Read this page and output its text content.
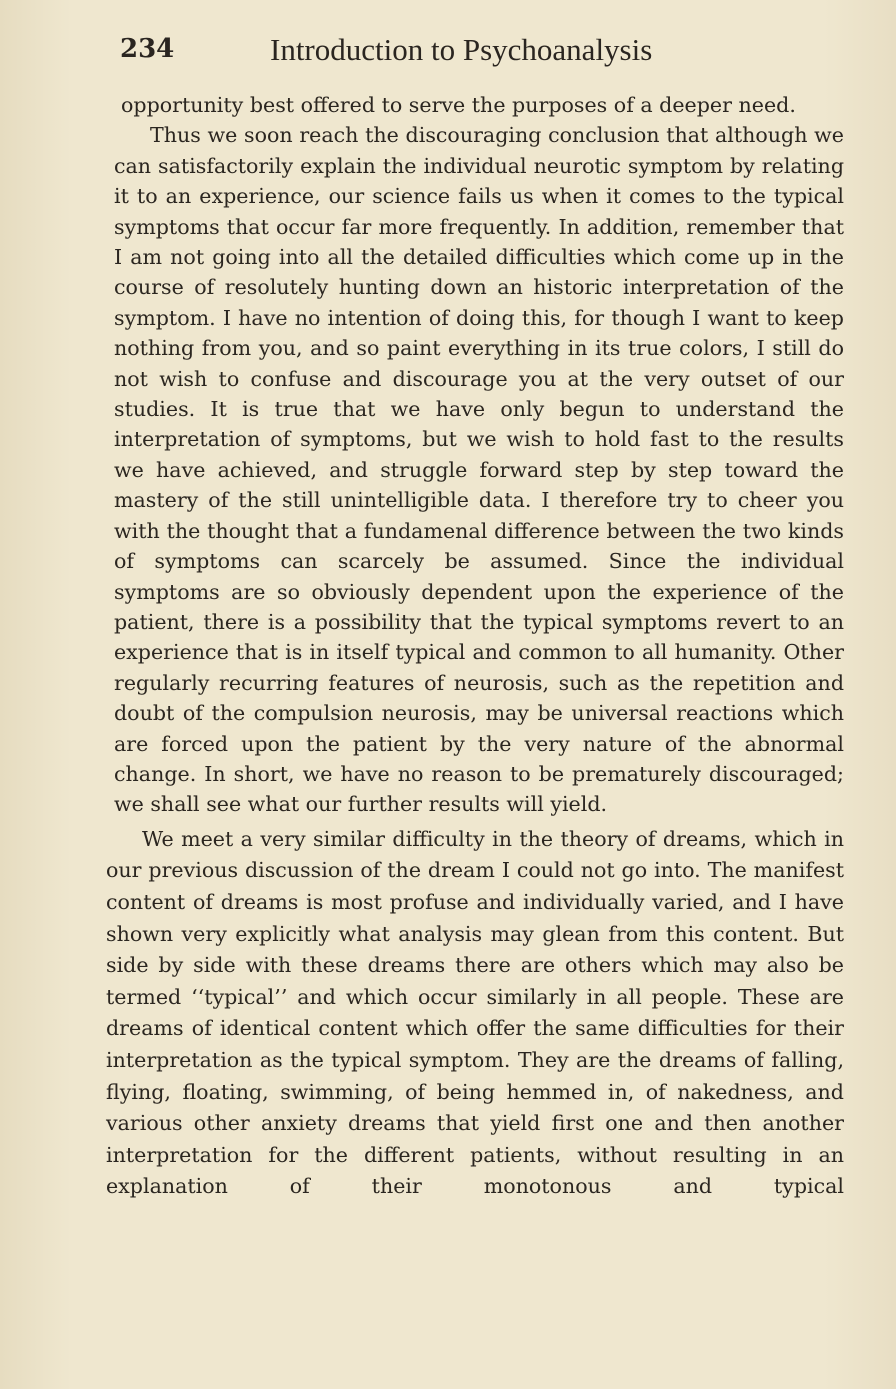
234	Introduction to Psychoanalysis

opportunity best offered to serve the purposes of a deeper need.

Thus we soon reach the discouraging conclusion that although we can satisfactorily explain the individual neurotic symptom by relating it to an experience, our science fails us when it comes to the typical symptoms that occur far more frequently. In addition, remember that I am not going into all the detailed difficulties which come up in the course of resolutely hunting down an historic interpretation of the symptom. I have no intention of doing this, for though I want to keep nothing from you, and so paint everything in its true colors, I still do not wish to confuse and discourage you at the very outset of our studies. It is true that we have only begun to understand the interpretation of symptoms, but we wish to hold fast to the results we have achieved, and struggle forward step by step toward the mastery of the still unintelligible data. I therefore try to cheer you with the thought that a fundamenal difference between the two kinds of symptoms can scarcely be assumed. Since the individual symptoms are so obviously dependent upon the experience of the patient, there is a possibility that the typical symptoms revert to an experience that is in itself typical and common to all humanity. Other regularly recurring features of neurosis, such as the repetition and doubt of the compulsion neurosis, may be universal reactions which are forced upon the patient by the very nature of the abnormal change. In short, we have no reason to be prematurely discouraged; we shall see what our further results will yield.

We meet a very similar difficulty in the theory of dreams, which in our previous discussion of the dream I could not go into. The manifest content of dreams is most profuse and individually varied, and I have shown very explicitly what analysis may glean from this content. But side by side with these dreams there are others which may also be termed ‘‘typical’’ and which occur similarly in all people. These are dreams of identical content which offer the same difficulties for their interpretation as the typical symptom. They are the dreams of falling, flying, floating, swimming, of being hemmed in, of nakedness, and various other anxiety dreams that yield first one and then another interpretation for the different patients, without resulting in an explanation of their monotonous and typical
